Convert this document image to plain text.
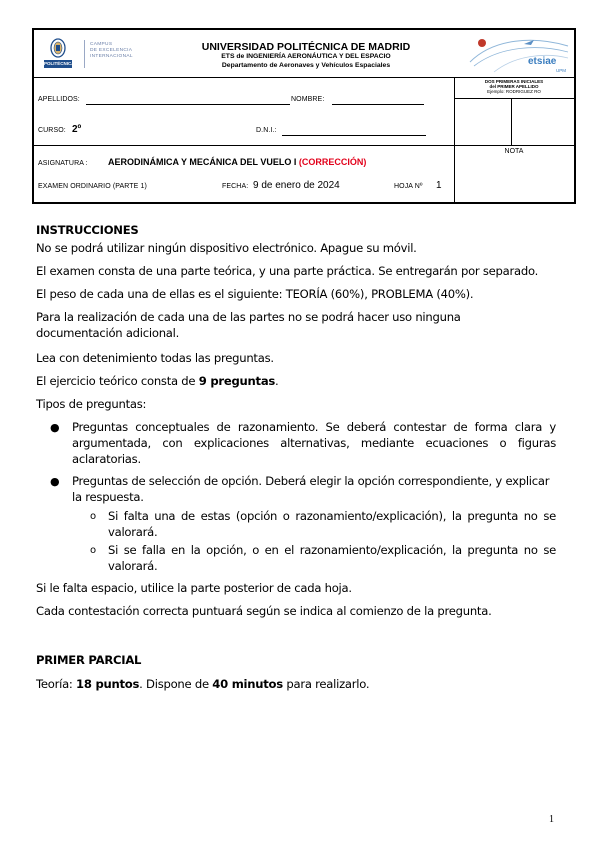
POLITÉCNICA
CAMPUS
DE EXCELENCIA
INTERNACIONAL
UNIVERSIDAD POLITÉCNICA DE MADRID
ETS de INGENIERÍA AERONÁUTICA Y DEL ESPACIO
Departamento de Aeronaves y Vehículos Espaciales	etsiae
UPM
DOS PRIMERAS INICIALES
del PRIMER APELLIDO
Ejemplo: RODRIGUEZ RO
NOTA
APELLIDOS:	NOMBRE:
CURSO: 2º	D.N.I.:
ASIGNATURA : AERODINÁMICA Y MECÁNICA DEL VUELO I (CORRECCIÓN)
EXAMEN ORDINARIO (PARTE 1)	FECHA: 9 de enero de 2024	HOJA Nº 1
INSTRUCCIONES
No se podrá utilizar ningún dispositivo electrónico. Apague su móvil.
El examen consta de una parte teórica, y una parte práctica. Se entregarán por separado.
El peso de cada una de ellas es el siguiente: TEORÍA (60%), PROBLEMA (40%).
Para la realización de cada una de las partes no se podrá hacer uso ninguna documentación adicional.
Lea con detenimiento todas las preguntas.
El ejercicio teórico consta de 9 preguntas.
Tipos de preguntas:
● Preguntas conceptuales de razonamiento. Se deberá contestar de forma clara y argumentada, con explicaciones alternativas, mediante ecuaciones o figuras aclaratorias.
● Preguntas de selección de opción. Deberá elegir la opción correspondiente, y explicar la respuesta.
o Si falta una de estas (opción o razonamiento/explicación), la pregunta no se valorará.
o Si se falla en la opción, o en el razonamiento/explicación, la pregunta no se valorará.
Si le falta espacio, utilice la parte posterior de cada hoja.
Cada contestación correcta puntuará según se indica al comienzo de la pregunta.
PRIMER PARCIAL
Teoría: 18 puntos. Dispone de 40 minutos para realizarlo.
1
